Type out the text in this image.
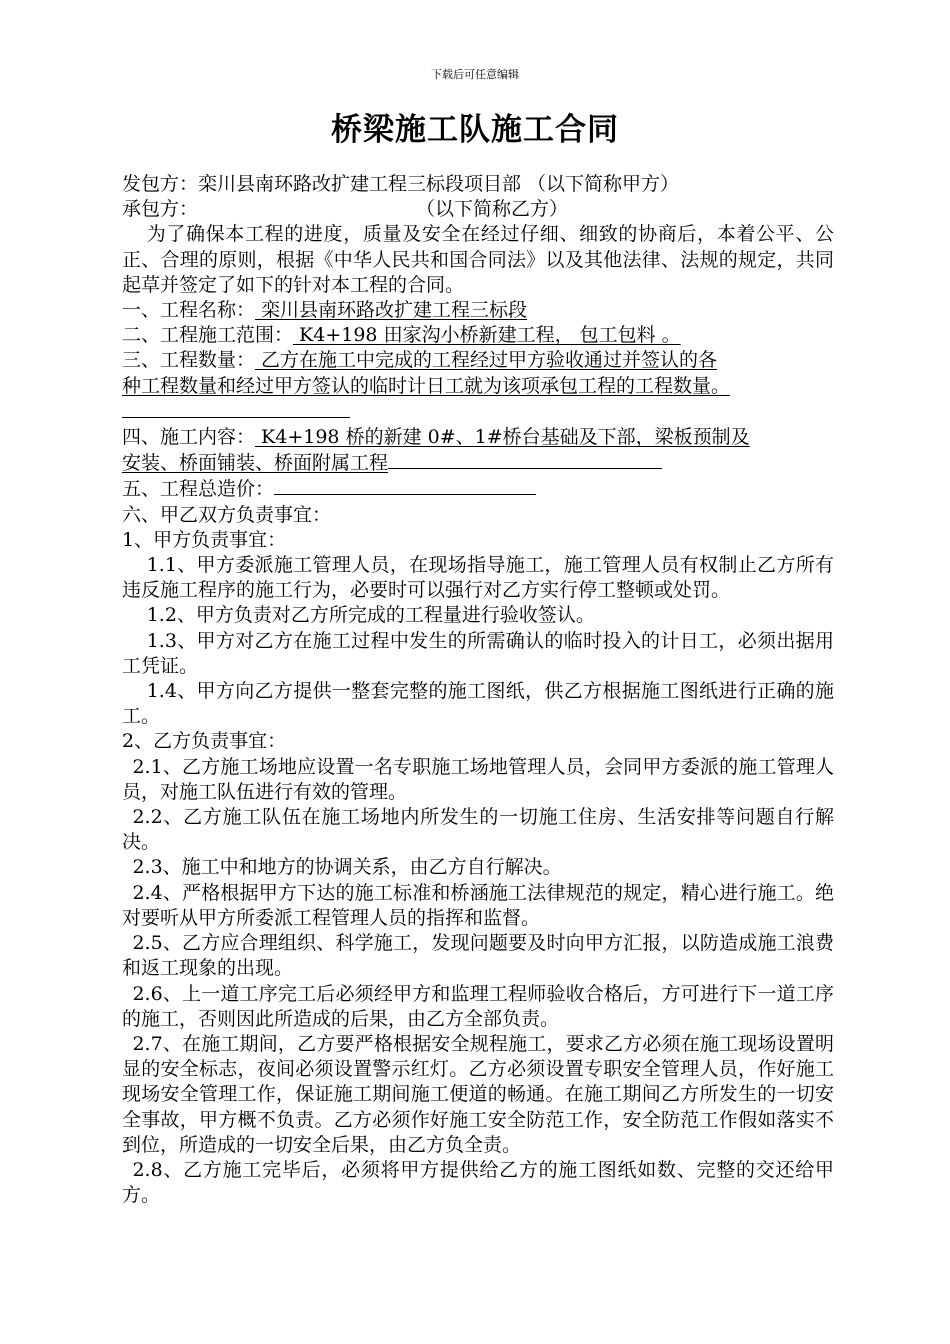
下载后可任意编辑
桥梁施工队施工合同

发包方：栾川县南环路改扩建工程三标段项目部 （以下简称甲方）

承包方：	（以下简称乙方）

为了确保本工程的进度，质量及安全在经过仔细、细致的协商后，本着公平、公正、合理的原则，根据《中华人民共和国合同法》以及其他法律、法规的规定，共同起草并签定了如下的针对本工程的合同。

一、工程名称： 栾川县南环路改扩建工程三标段

二、工程施工范围： K4+198 田家沟小桥新建工程， 包工包料 。

三、工程数量： 乙方在施工中完成的工程经过甲方验收通过并签认的各

种工程数量和经过甲方签认的临时计日工就为该项承包工程的工程数量。

四、施工内容： K4+198 桥的新建 0#、1#桥台基础及下部，梁板预制及

安装、桥面铺装、桥面附属工程

五、工程总造价：

六、甲乙双方负责事宜：

1、甲方负责事宜：

1.1、甲方委派施工管理人员，在现场指导施工，施工管理人员有权制止乙方所有违反施工程序的施工行为，必要时可以强行对乙方实行停工整顿或处罚。

1.2、甲方负责对乙方所完成的工程量进行验收签认。

1.3、甲方对乙方在施工过程中发生的所需确认的临时投入的计日工，必须出据用工凭证。

1.4、甲方向乙方提供一整套完整的施工图纸，供乙方根据施工图纸进行正确的施工。

2、乙方负责事宜：

2.1、乙方施工场地应设置一名专职施工场地管理人员，会同甲方委派的施工管理人员，对施工队伍进行有效的管理。

2.2、乙方施工队伍在施工场地内所发生的一切施工住房、生活安排等问题自行解决。

2.3、施工中和地方的协调关系，由乙方自行解决。

2.4、严格根据甲方下达的施工标准和桥涵施工法律规范的规定，精心进行施工。绝对要听从甲方所委派工程管理人员的指挥和监督。

2.5、乙方应合理组织、科学施工，发现问题要及时向甲方汇报，以防造成施工浪费和返工现象的出现。

2.6、上一道工序完工后必须经甲方和监理工程师验收合格后，方可进行下一道工序的施工，否则因此所造成的后果，由乙方全部负责。

2.7、在施工期间，乙方要严格根据安全规程施工，要求乙方必须在施工现场设置明显的安全标志，夜间必须设置警示红灯。乙方必须设置专职安全管理人员，作好施工现场安全管理工作，保证施工期间施工便道的畅通。在施工期间乙方所发生的一切安全事故，甲方概不负责。乙方必须作好施工安全防范工作，安全防范工作假如落实不到位，所造成的一切安全后果，由乙方负全责。

2.8、乙方施工完毕后，必须将甲方提供给乙方的施工图纸如数、完整的交还给甲方。
